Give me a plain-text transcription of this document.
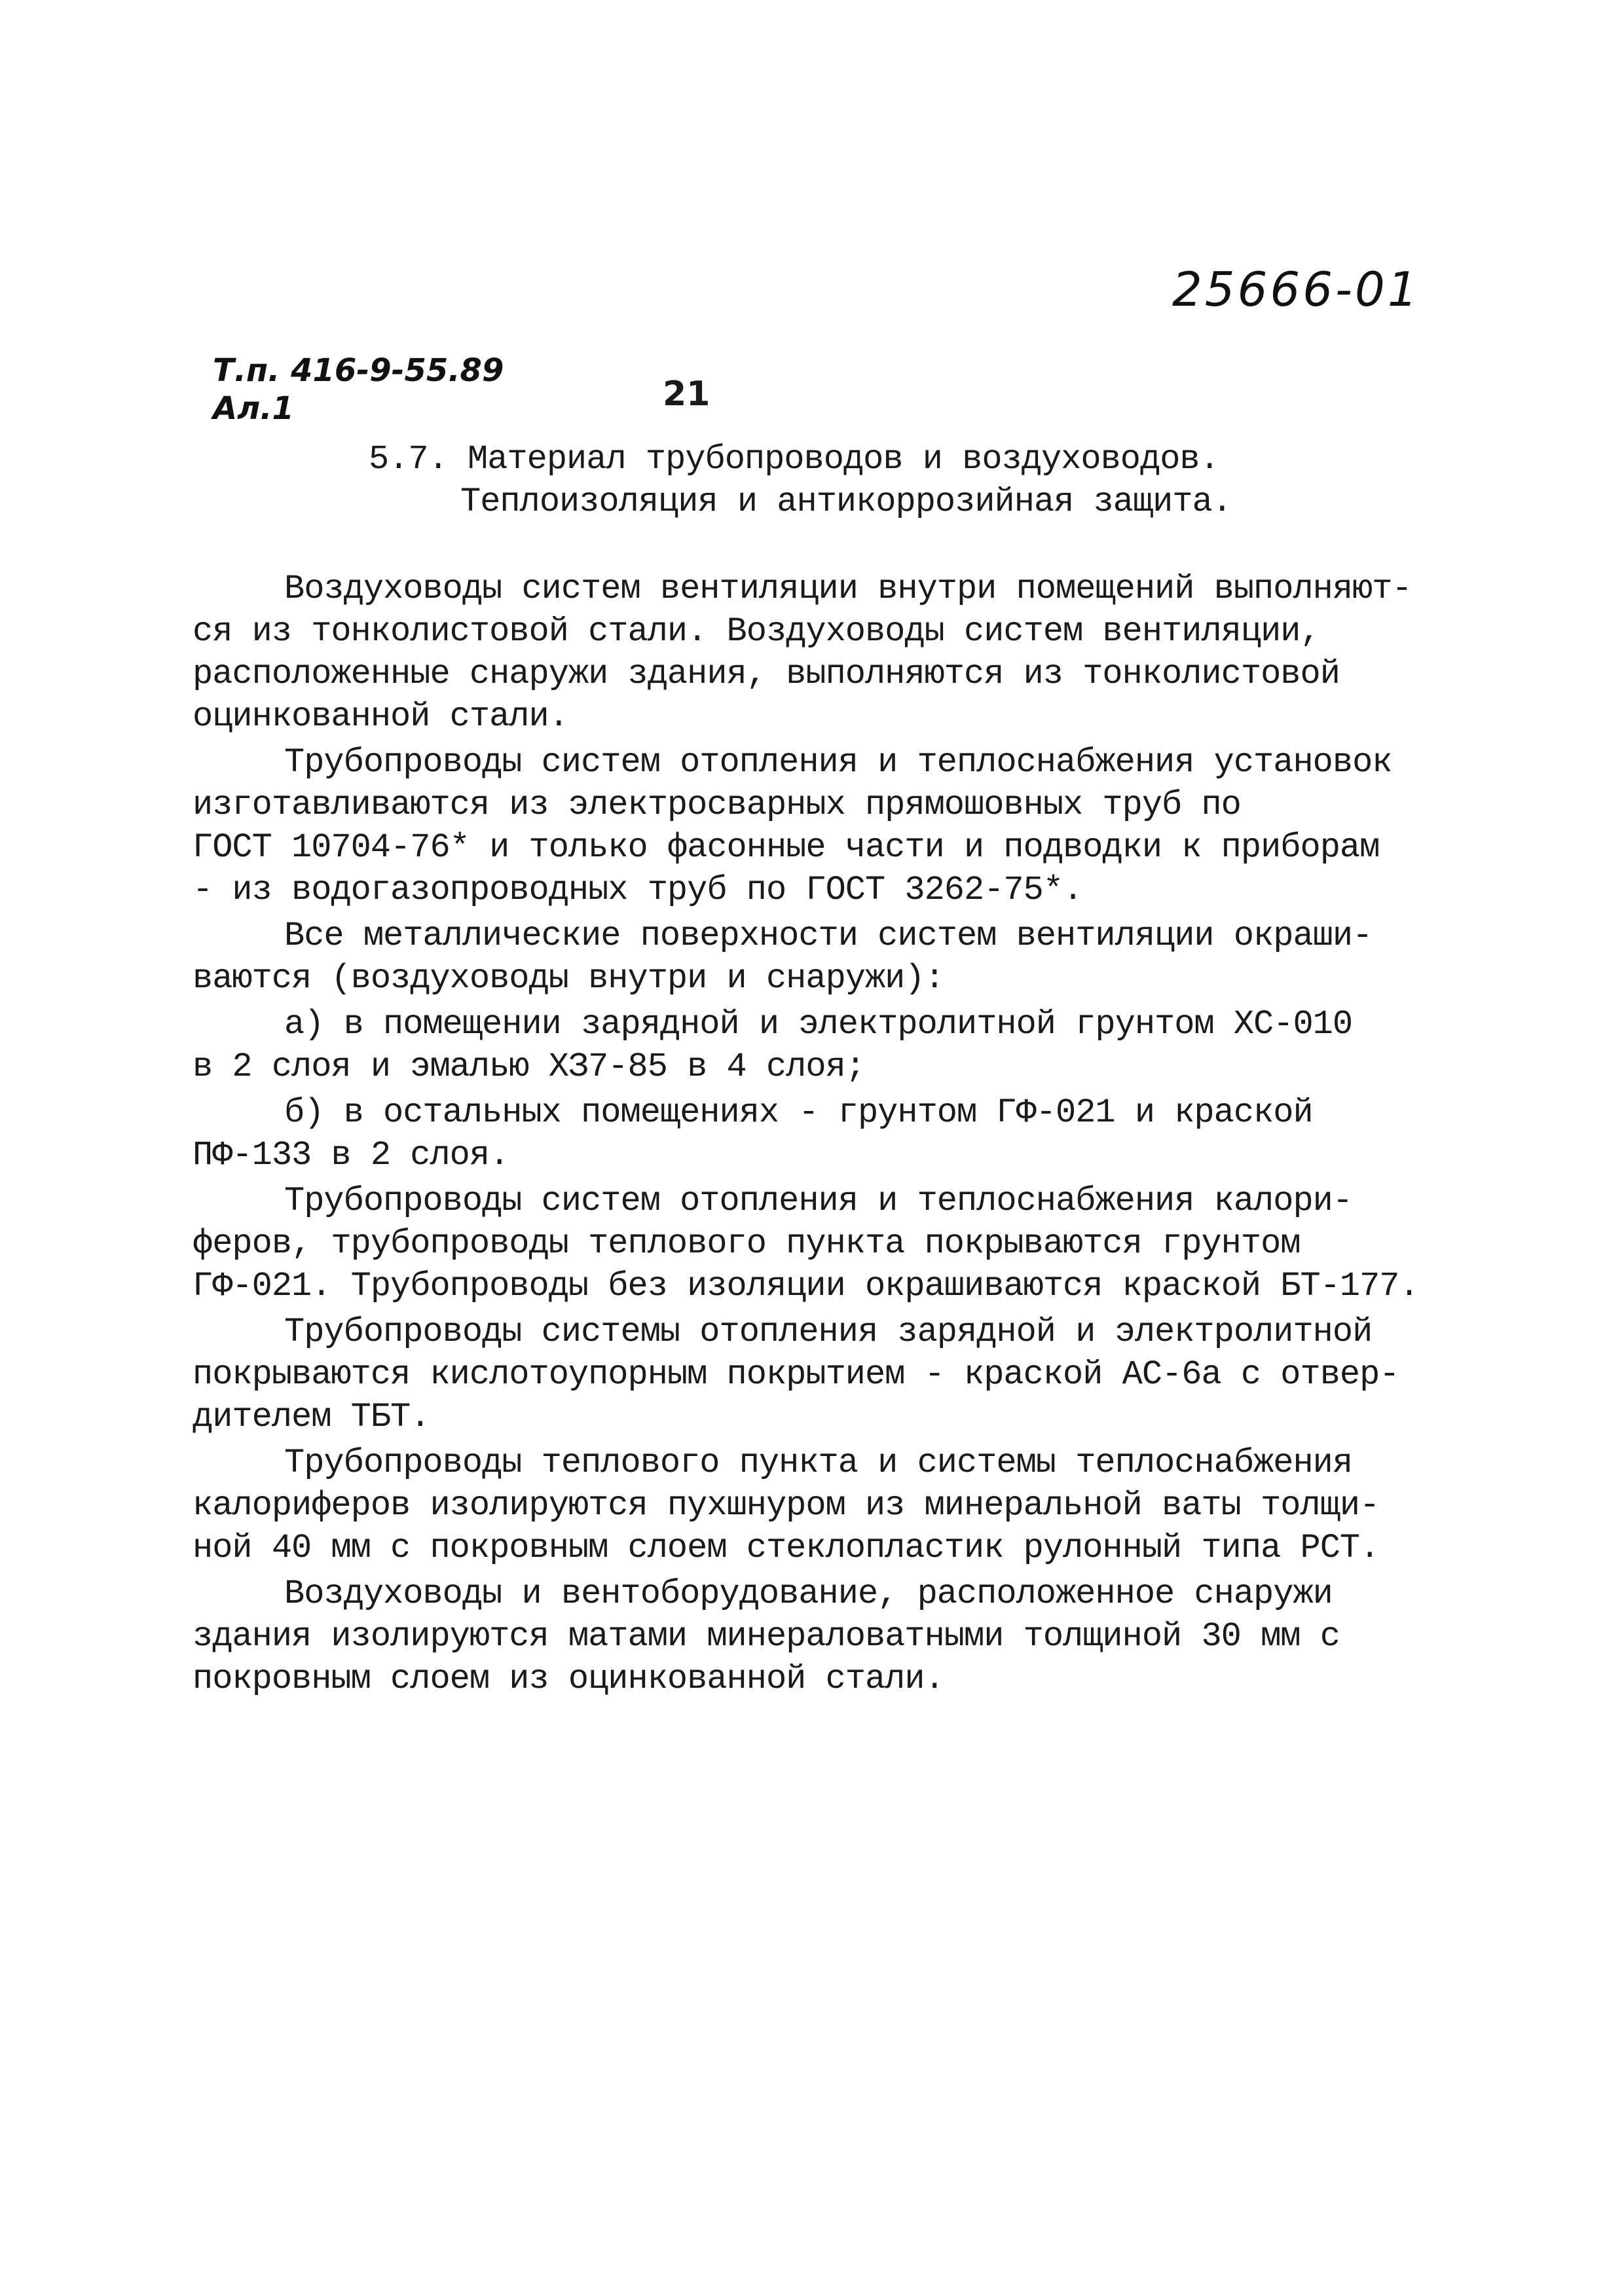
25666-01
Т.п. 416-9-55.89
Ал.1	21
5.7. Материал трубопроводов и воздуховодов.
Теплоизоляция и антикоррозийная защита.
Воздуховоды систем вентиляции внутри помещений выполняют-
ся из тонколистовой стали. Воздуховоды систем вентиляции,
расположенные снаружи здания, выполняются из тонколистовой
оцинкованной стали.
Трубопроводы систем отопления и теплоснабжения установок
изготавливаются из электросварных прямошовных труб по
ГОСТ 10704-76* и только фасонные части и подводки к приборам
- из водогазопроводных труб по ГОСТ 3262-75*.
Все металлические поверхности систем вентиляции окраши-
ваются (воздуховоды внутри и снаружи):
а) в помещении зарядной и электролитной грунтом ХС-010
в 2 слоя и эмалью ХЗ7-85 в 4 слоя;
б) в остальных помещениях - грунтом ГФ-021 и краской
ПФ-133 в 2 слоя.
Трубопроводы систем отопления и теплоснабжения калори-
феров, трубопроводы теплового пункта покрываются грунтом
ГФ-021. Трубопроводы без изоляции окрашиваются краской БТ-177.
Трубопроводы системы отопления зарядной и электролитной
покрываются кислотоупорным покрытием - краской АС-6а с отвер-
дителем ТБТ.
Трубопроводы теплового пункта и системы теплоснабжения
калориферов изолируются пухшнуром из минеральной ваты толщи-
ной 40 мм с покровным слоем стеклопластик рулонный типа РСТ.
Воздуховоды и вентоборудование, расположенное снаружи
здания изолируются матами минераловатными толщиной 30 мм с
покровным слоем из оцинкованной стали.
